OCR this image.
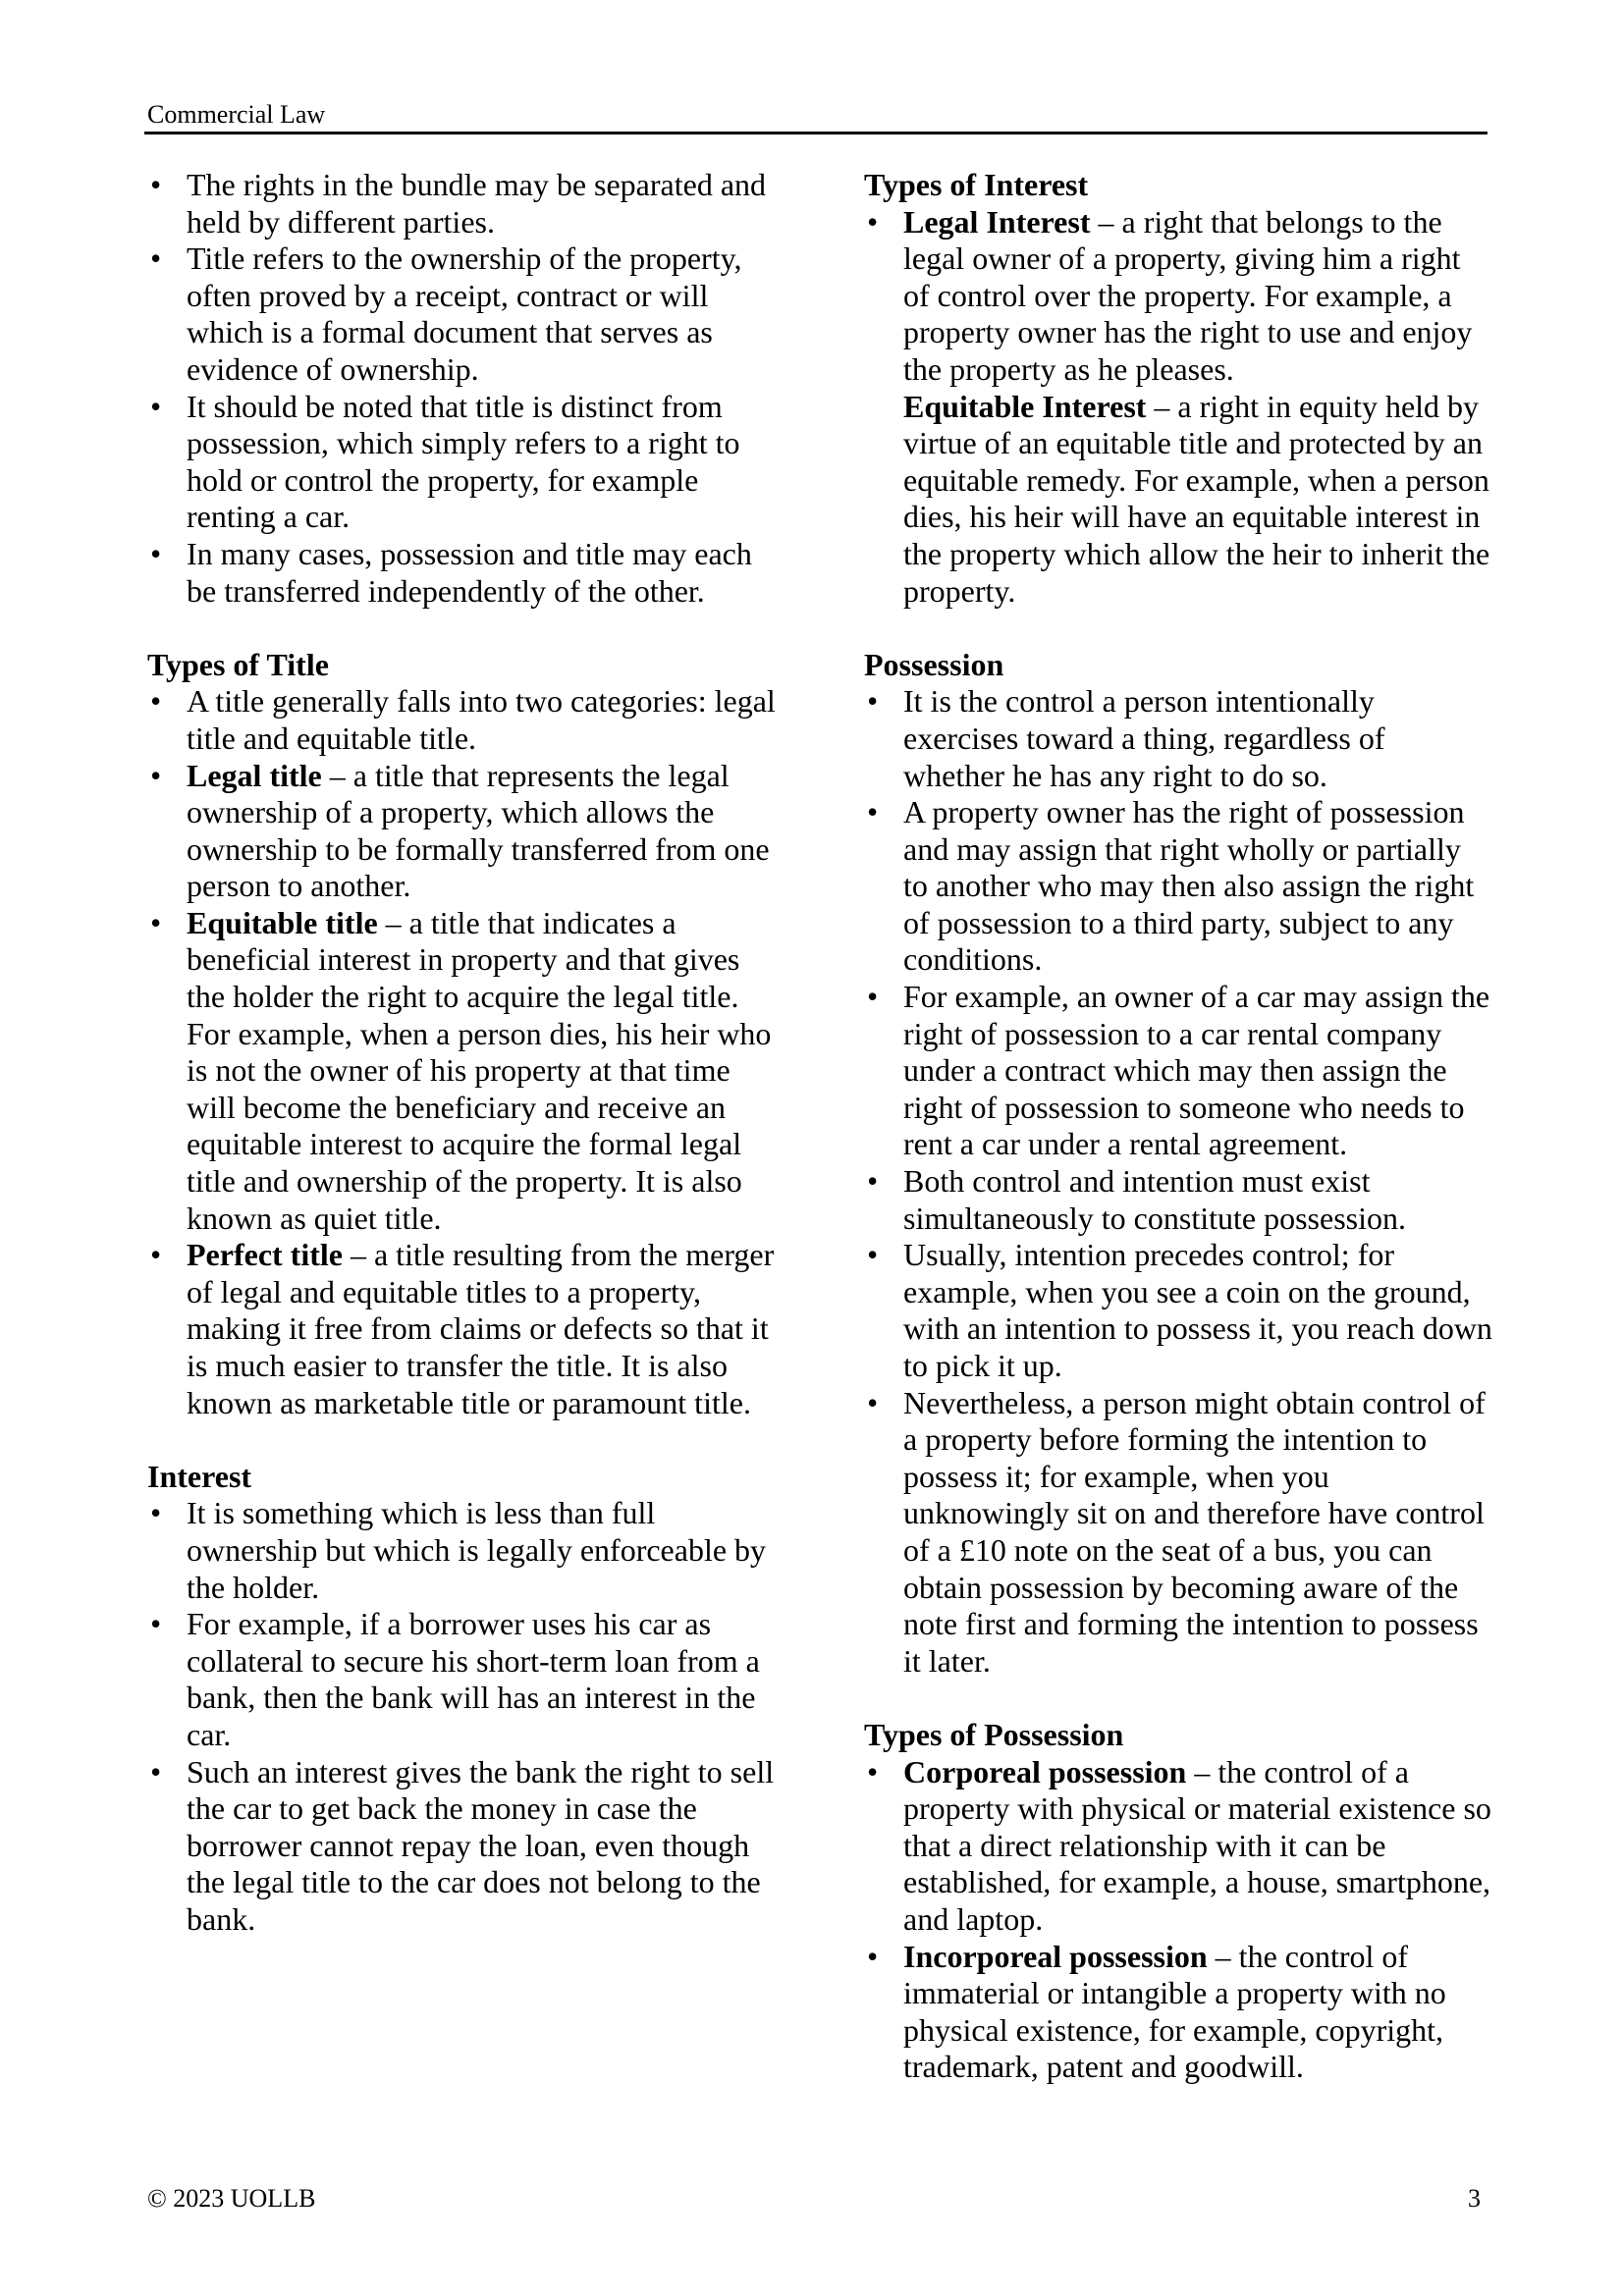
Commercial Law
• The rights in the bundle may be separated and held by different parties.
• Title refers to the ownership of the property, often proved by a receipt, contract or will which is a formal document that serves as evidence of ownership.
• It should be noted that title is distinct from possession, which simply refers to a right to hold or control the property, for example renting a car.
• In many cases, possession and title may each be transferred independently of the other.

Types of Title

• A title generally falls into two categories: legal title and equitable title.
• Legal title – a title that represents the legal ownership of a property, which allows the ownership to be formally transferred from one person to another.
• Equitable title – a title that indicates a beneficial interest in property and that gives the holder the right to acquire the legal title. For example, when a person dies, his heir who is not the owner of his property at that time will become the beneficiary and receive an equitable interest to acquire the formal legal title and ownership of the property. It is also known as quiet title.
• Perfect title – a title resulting from the merger of legal and equitable titles to a property, making it free from claims or defects so that it is much easier to transfer the title. It is also known as marketable title or paramount title.

Interest

• It is something which is less than full ownership but which is legally enforceable by the holder.
• For example, if a borrower uses his car as collateral to secure his short-term loan from a bank, then the bank will has an interest in the car.
• Such an interest gives the bank the right to sell the car to get back the money in case the borrower cannot repay the loan, even though the legal title to the car does not belong to the bank.

Types of Interest

• Legal Interest – a right that belongs to the legal owner of a property, giving him a right of control over the property. For example, a property owner has the right to use and enjoy the property as he pleases.
Equitable Interest – a right in equity held by virtue of an equitable title and protected by an equitable remedy. For example, when a person dies, his heir will have an equitable interest in the property which allow the heir to inherit the property.

Possession

• It is the control a person intentionally exercises toward a thing, regardless of whether he has any right to do so.
• A property owner has the right of possession and may assign that right wholly or partially to another who may then also assign the right of possession to a third party, subject to any conditions.
• For example, an owner of a car may assign the right of possession to a car rental company under a contract which may then assign the right of possession to someone who needs to rent a car under a rental agreement.
• Both control and intention must exist simultaneously to constitute possession.
• Usually, intention precedes control; for example, when you see a coin on the ground, with an intention to possess it, you reach down to pick it up.
• Nevertheless, a person might obtain control of a property before forming the intention to possess it; for example, when you unknowingly sit on and therefore have control of a £10 note on the seat of a bus, you can obtain possession by becoming aware of the note first and forming the intention to possess it later.

Types of Possession

• Corporeal possession – the control of a property with physical or material existence so that a direct relationship with it can be established, for example, a house, smartphone, and laptop.
• Incorporeal possession – the control of immaterial or intangible a property with no physical existence, for example, copyright, trademark, patent and goodwill.
© 2023 UOLLB	3
